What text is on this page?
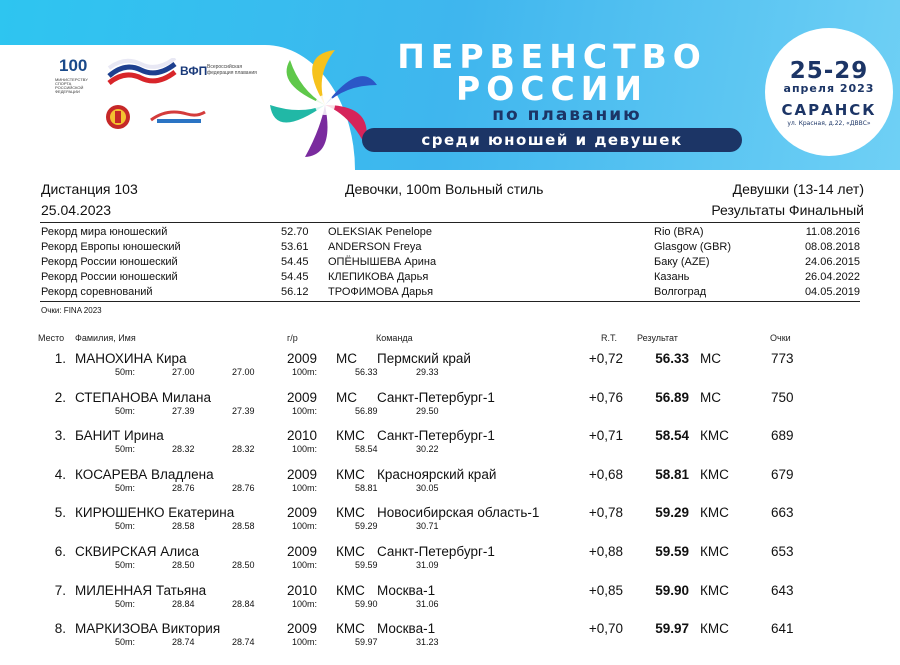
100
МИНИСТЕРСТВУ СПОРТА РОССИЙСКОЙ ФЕДЕРАЦИИ
ВФП Всероссийская федерация плавания	ПЕРВЕНСТВО
РОССИИ
по плаванию
среди юношей и девушек
25-29
апреля 2023
САРАНСК
ул. Красная, д.22, «ДВВС»
Дистанция 103	Девочки, 100m Вольный стиль	Девушки (13-14 лет)
25.04.2023	Результаты Финальный
Рекорд мира юношеский	52.70 OLEKSIAK Penelope	Rio (BRA)	11.08.2016
Рекорд Европы юношеский	53.61 ANDERSON Freya	Glasgow (GBR)	08.08.2018
Рекорд России юношеский	54.45 ОПЁНЫШЕВА Арина	Баку (AZE)	24.06.2015
Рекорд России юношеский	54.45 КЛЕПИКОВА Дарья	Казань	26.04.2022
Рекорд соревнований	56.12 ТРОФИМОВА Дарья	Волгоград	04.05.2019
Очки: FINA 2023
Место Фамилия, Имя	г/р	Команда	R.T. Результат	Очки
1. МАНОХИНА Кира	2009 МС Пермский край	+0,72 56.33 МС	773
50m:	27.00	27.00	100m:	56.33	29.33
2. СТЕПАНОВА Милана	2009 МС Санкт-Петербург-1	+0,76 56.89 МС	750
50m:	27.39	27.39	100m:	56.89	29.50
3. БАНИТ Ирина	2010 КМС Санкт-Петербург-1	+0,71 58.54 КМС	689
50m:	28.32	28.32	100m:	58.54	30.22
4. КОСАРЕВА Владлена	2009 КМС Красноярский край	+0,68 58.81 КМС	679
50m:	28.76	28.76	100m:	58.81	30.05
5. КИРЮШЕНКО Екатерина	2009 КМС Новосибирская область-1	+0,78 59.29 КМС	663
50m:	28.58	28.58	100m:	59.29	30.71
6. СКВИРСКАЯ Алиса	2009 КМС Санкт-Петербург-1	+0,88 59.59 КМС	653
50m:	28.50	28.50	100m:	59.59	31.09
7. МИЛЕННАЯ Татьяна	2010 КМС Москва-1	+0,85 59.90 КМС	643
50m:	28.84	28.84	100m:	59.90	31.06
8. МАРКИЗОВА Виктория	2009 КМС Москва-1	+0,70 59.97 КМС	641
50m:	28.74	28.74	100m:	59.97	31.23
